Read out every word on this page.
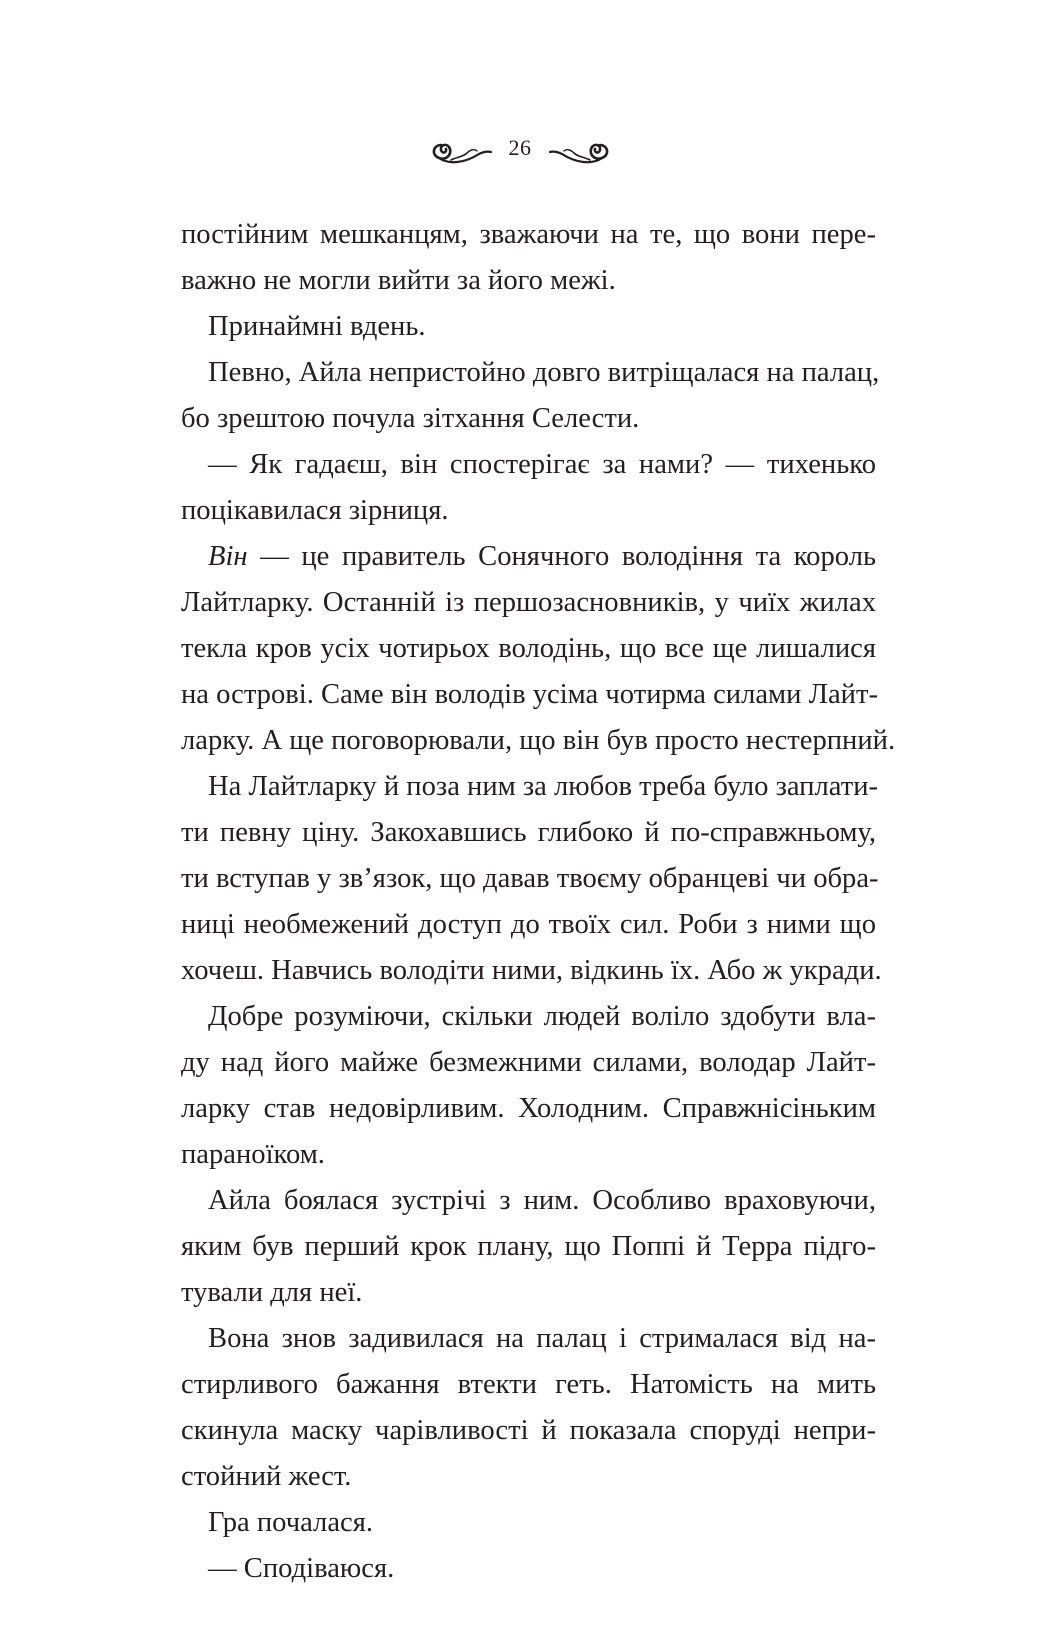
26
постійним мешканцям, зважаючи на те, що вони пере-
важно не могли вийти за його межі.
Принаймні вдень.
Певно, Айла непристойно довго витріщалася на палац,
бо зрештою почула зітхання Селести.
— Як гадаєш, він спостерігає за нами? — тихенько
поцікавилася зірниця.
Він — це правитель Сонячного володіння та король
Лайтларку. Останній із першозасновників, у чиїх жилах
текла кров усіх чотирьох володінь, що все ще лишалися
на острові. Саме він володів усіма чотирма силами Лайт-
ларку. А ще поговорювали, що він був просто нестерпний.
На Лайтларку й поза ним за любов треба було заплати-
ти певну ціну. Закохавшись глибоко й по-справжньому,
ти вступав у зв’язок, що давав твоєму обранцеві чи обра-
ниці необмежений доступ до твоїх сил. Роби з ними що
хочеш. Навчись володіти ними, відкинь їх. Або ж укради.
Добре розуміючи, скільки людей воліло здобути вла-
ду над його майже безмежними силами, володар Лайт-
ларку став недовірливим. Холодним. Справжнісіньким
параноїком.
Айла боялася зустрічі з ним. Особливо враховуючи,
яким був перший крок плану, що Поппі й Терра підго-
тували для неї.
Вона знов задивилася на палац і стрималася від на-
стирливого бажання втекти геть. Натомість на мить
скинула маску чарівливості й показала споруді непри-
стойний жест.
Гра почалася.
— Сподіваюся.
